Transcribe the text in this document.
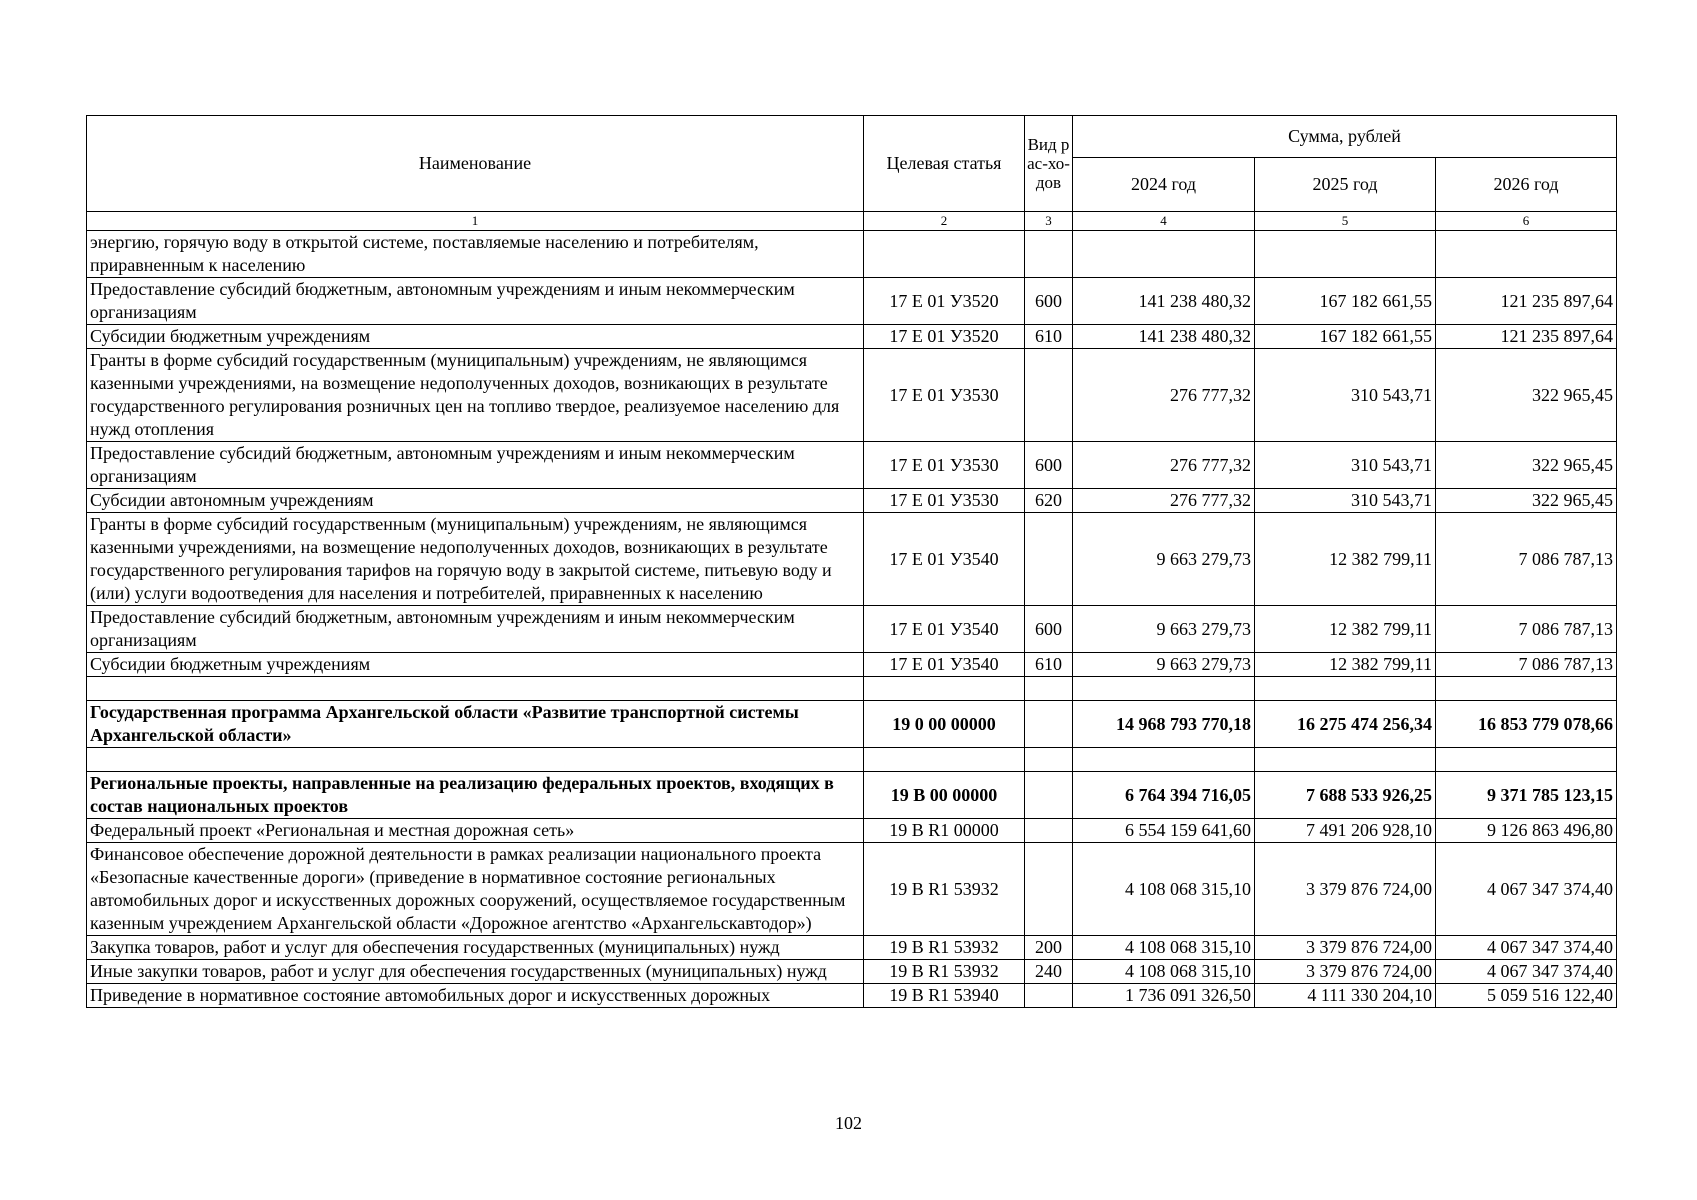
Наименование	Целевая статья	Вид рас-хо-дов	Сумма, рублей		
			2024 год	2025 год	2026 год
1	2	3	4	5	6
энергию, горячую воду в открытой системе, поставляемые населению и потребителям, приравненным к населению					
Предоставление субсидий бюджетным, автономным учреждениям и иным некоммерческим организациям	17 Е 01 У3520	600	141 238 480,32	167 182 661,55	121 235 897,64
Субсидии бюджетным учреждениям	17 Е 01 У3520	610	141 238 480,32	167 182 661,55	121 235 897,64
Гранты в форме субсидий государственным (муниципальным) учреждениям, не являющимся казенными учреждениями, на возмещение недополученных доходов, возникающих в результате государственного регулирования розничных цен на топливо твердое, реализуемое населению для нужд отопления	17 Е 01 У3530		276 777,32	310 543,71	322 965,45
Предоставление субсидий бюджетным, автономным учреждениям и иным некоммерческим организациям	17 Е 01 У3530	600	276 777,32	310 543,71	322 965,45
Субсидии автономным учреждениям	17 Е 01 У3530	620	276 777,32	310 543,71	322 965,45
Гранты в форме субсидий государственным (муниципальным) учреждениям, не являющимся казенными учреждениями, на возмещение недополученных доходов, возникающих в результате государственного регулирования тарифов на горячую воду в закрытой системе, питьевую воду и (или) услуги водоотведения для населения и потребителей, приравненных к населению	17 Е 01 У3540		9 663 279,73	12 382 799,11	7 086 787,13
Предоставление субсидий бюджетным, автономным учреждениям и иным некоммерческим организациям	17 Е 01 У3540	600	9 663 279,73	12 382 799,11	7 086 787,13
Субсидии бюджетным учреждениям	17 Е 01 У3540	610	9 663 279,73	12 382 799,11	7 086 787,13

Государственная программа Архангельской области «Развитие транспортной системы Архангельской области»	19 0 00 00000		14 968 793 770,18	16 275 474 256,34	16 853 779 078,66

Региональные проекты, направленные на реализацию федеральных проектов, входящих в состав национальных проектов	19 В 00 00000		6 764 394 716,05	7 688 533 926,25	9 371 785 123,15
Федеральный проект «Региональная и местная дорожная сеть»	19 В R1 00000		6 554 159 641,60	7 491 206 928,10	9 126 863 496,80
Финансовое обеспечение дорожной деятельности в рамках реализации национального проекта «Безопасные качественные дороги» (приведение в нормативное состояние региональных автомобильных дорог и искусственных дорожных сооружений, осуществляемое государственным казенным учреждением Архангельской области «Дорожное агентство «Архангельскавтодор»)	19 В R1 53932		4 108 068 315,10	3 379 876 724,00	4 067 347 374,40
Закупка товаров, работ и услуг для обеспечения государственных (муниципальных) нужд	19 В R1 53932	200	4 108 068 315,10	3 379 876 724,00	4 067 347 374,40
Иные закупки товаров, работ и услуг для обеспечения государственных (муниципальных) нужд	19 В R1 53932	240	4 108 068 315,10	3 379 876 724,00	4 067 347 374,40
Приведение в нормативное состояние автомобильных дорог и искусственных дорожных	19 В R1 53940		1 736 091 326,50	4 111 330 204,10	5 059 516 122,40
102
